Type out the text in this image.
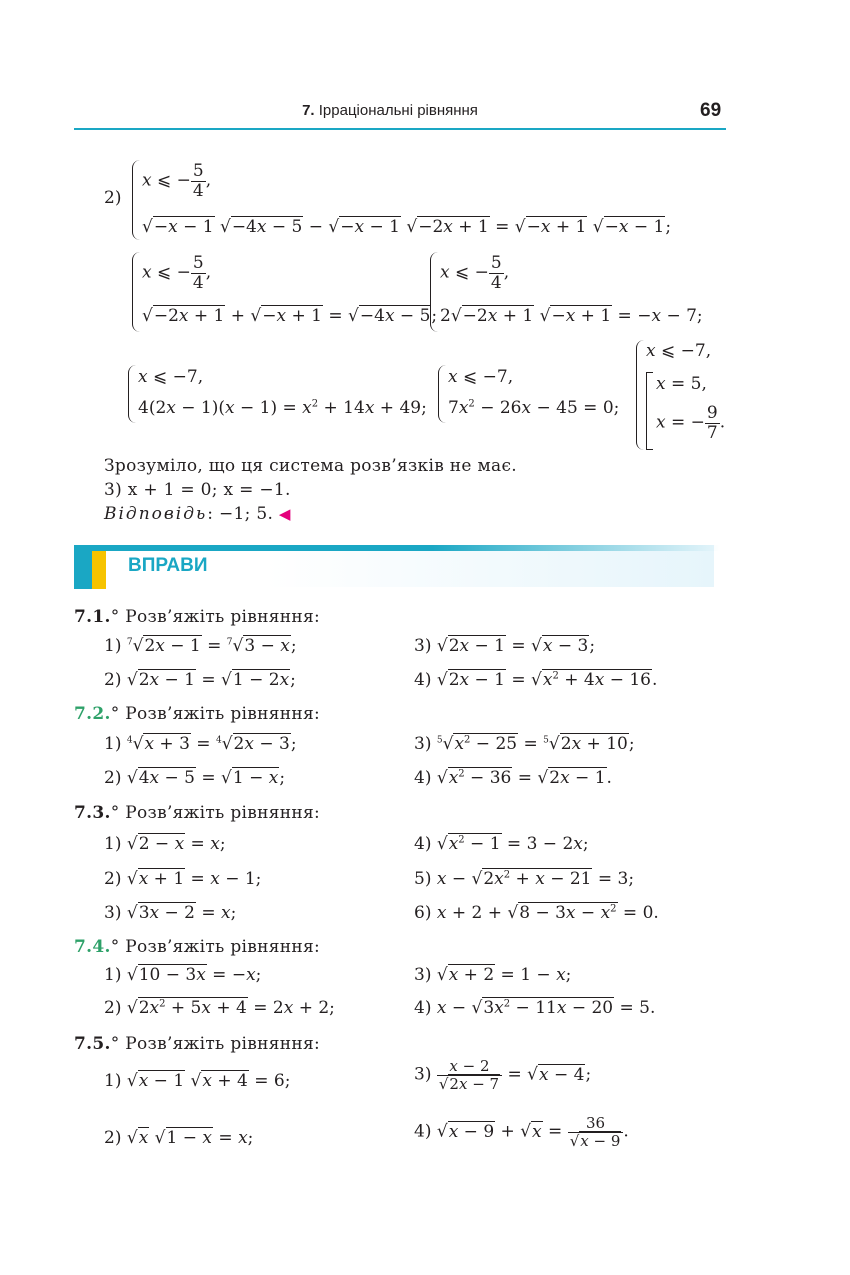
7. Ірраціональні рівняння	69
2)
x ⩽ − $\frac{5}{4}$ ,
√−x − 1 √−4x − 5 − √−x − 1 √−2x + 1 = √−x + 1 √−x − 1;
x ⩽ − $\frac{5}{4}$ ,
√−2x + 1 + √−x + 1 = √−4x − 5;
x ⩽ − $\frac{5}{4}$ ,
2√−2x + 1 √−x + 1 = −x − 7;
x ⩽ −7,
$4(2x - 1)(x - 1) = x^2 + 14x + 49$;
x ⩽ −7,
$7x^2 - 26x - 45 = 0$;
x ⩽ −7,
x = 5,
x = − $\frac{9}{7}$ .
Зрозуміло, що ця система розв’язків не має.
3) x + 1 = 0; x = −1.
Відповідь: −1; 5. ◀
ВПРАВИ
7.1.° Розв’яжіть рівняння:
1) $^7$√2x − 1 = $^7$√3 − x;
2) √2x − 1 = √1 − 2x;
3) √2x − 1 = √x − 3;
4) $√2x - 1 = √x^2 + 4x - 16$.
7.2.° Розв’яжіть рівняння:
1) $^4$√x + 3 = $^4$√2x − 3;
2) √4x − 5 = √1 − x;
3) $^5√x^2 - 25 = ^5√2x + 10$;
4) $√x^2 - 36 = √2x - 1$.
7.3.° Розв’яжіть рівняння:
1) √2 − x = x;
2) √x + 1 = x − 1;
3) √3x − 2 = x;
4) $√x^2 - 1 = 3 - 2x$;
5) $x - √2x^2 + x - 21 = 3$;
6) $x + 2 + √8 - 3x - x^2 = 0$.
7.4.° Розв’яжіть рівняння:
1) √10 − 3x = −x;
2) $√2x^2 + 5x + 4 = 2x + 2$;
3) √x + 2 = 1 − x;
4) $x - √3x^2 - 11x - 20 = 5$.
7.5.° Розв’яжіть рівняння:
1) √x − 1 √x + 4 = 6;
2) √x √1 − x = x;
$3) \frac{x - 2}{√2x - 7} = √x - 4$;
4) $√x - 9 + √x = \frac{36}{√x - 9}$ .
